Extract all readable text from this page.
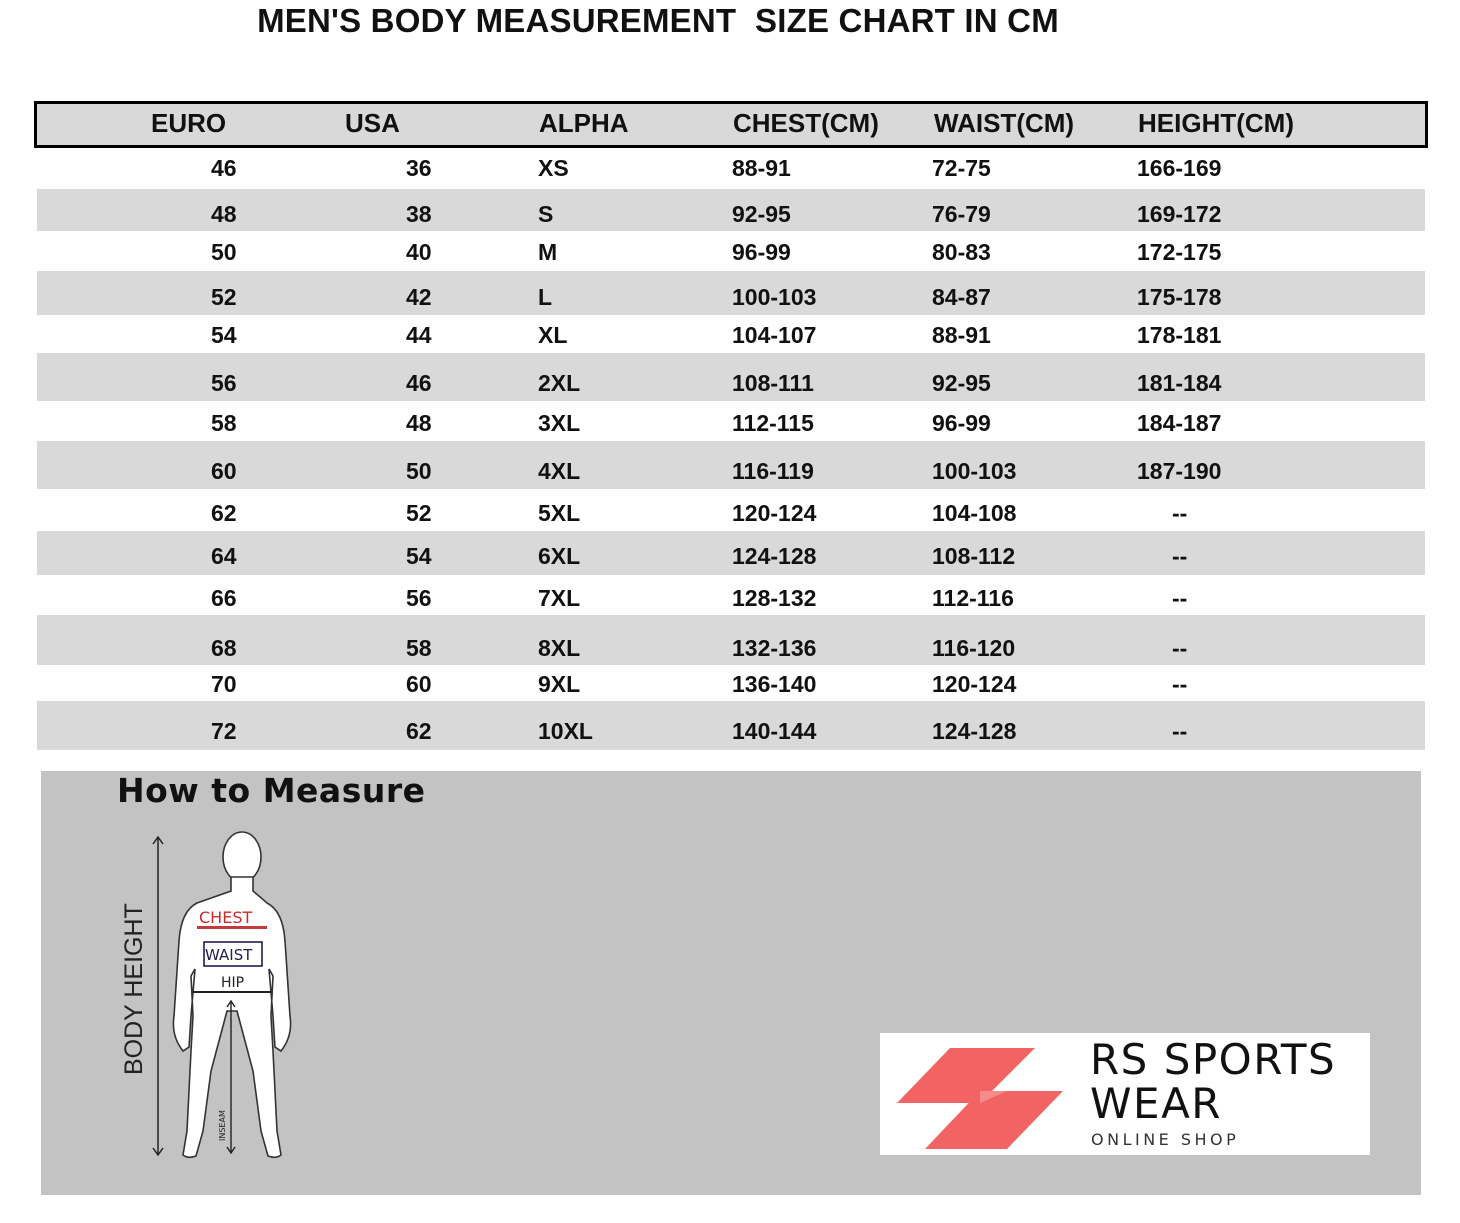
MEN'S BODY MEASUREMENT  SIZE CHART IN CM
EURO	USA	ALPHA	CHEST(CM) WAIST(CM) HEIGHT(CM)
46	36	XS	88-91	72-75	166-169
48	38	S	92-95	76-79	169-172
50	40	M	96-99	80-83	172-175
52	42	L	100-103	84-87	175-178
54	44	XL	104-107	88-91	178-181
56	46	2XL	108-111	92-95	181-184
58	48	3XL	112-115	96-99	184-187
60	50	4XL	116-119	100-103	187-190
62	52	5XL	120-124	104-108	--
64	54	6XL	124-128	108-112	--
66	56	7XL	128-132	112-116	--
68	58	8XL	132-136	116-120	--
70	60	9XL	136-140	120-124	--
72	62	10XL	140-144	124-128	--
How to Measure
BODY HEIGHT	CHEST
WAIST
HIP
INSEAM
RS SPORTS
WEAR
ONLINE SHOP
